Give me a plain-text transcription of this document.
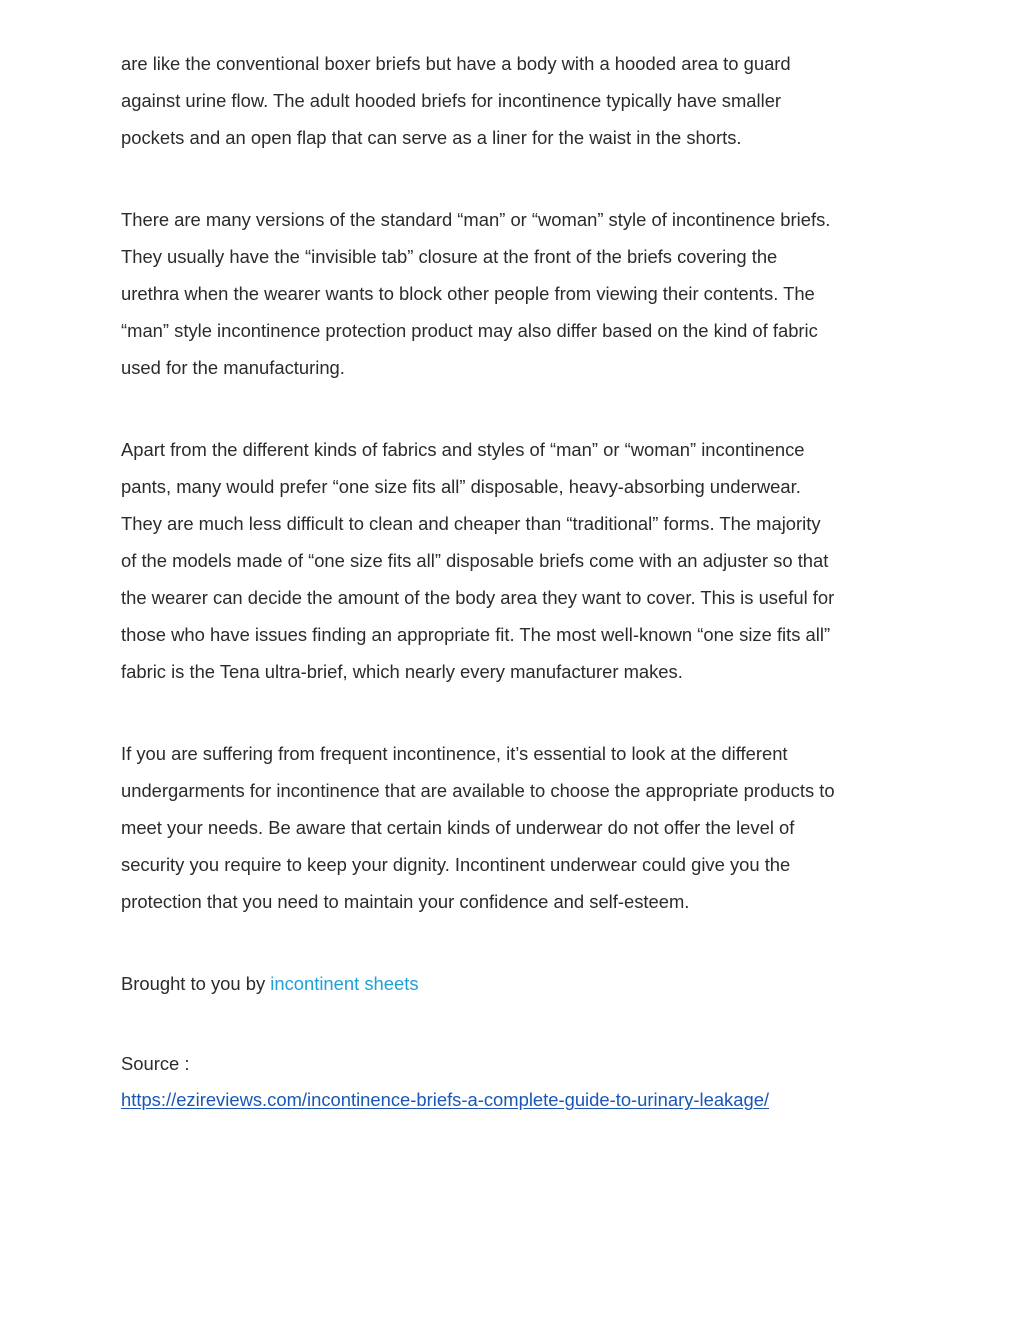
are like the conventional boxer briefs but have a body with a hooded area to guard
against urine flow. The adult hooded briefs for incontinence typically have smaller
pockets and an open flap that can serve as a liner for the waist in the shorts.

There are many versions of the standard “man” or “woman” style of incontinence briefs.
They usually have the “invisible tab” closure at the front of the briefs covering the
urethra when the wearer wants to block other people from viewing their contents. The
“man” style incontinence protection product may also differ based on the kind of fabric
used for the manufacturing.

Apart from the different kinds of fabrics and styles of “man” or “woman” incontinence
pants, many would prefer “one size fits all” disposable, heavy-absorbing underwear.
They are much less difficult to clean and cheaper than “traditional” forms. The majority
of the models made of “one size fits all” disposable briefs come with an adjuster so that
the wearer can decide the amount of the body area they want to cover. This is useful for
those who have issues finding an appropriate fit. The most well-known “one size fits all”
fabric is the Tena ultra-brief, which nearly every manufacturer makes.

If you are suffering from frequent incontinence, it’s essential to look at the different
undergarments for incontinence that are available to choose the appropriate products to
meet your needs. Be aware that certain kinds of underwear do not offer the level of
security you require to keep your dignity. Incontinent underwear could give you the
protection that you need to maintain your confidence and self-esteem.

Brought to you by incontinent sheets

Source :
https://ezireviews.com/incontinence-briefs-a-complete-guide-to-urinary-leakage/
